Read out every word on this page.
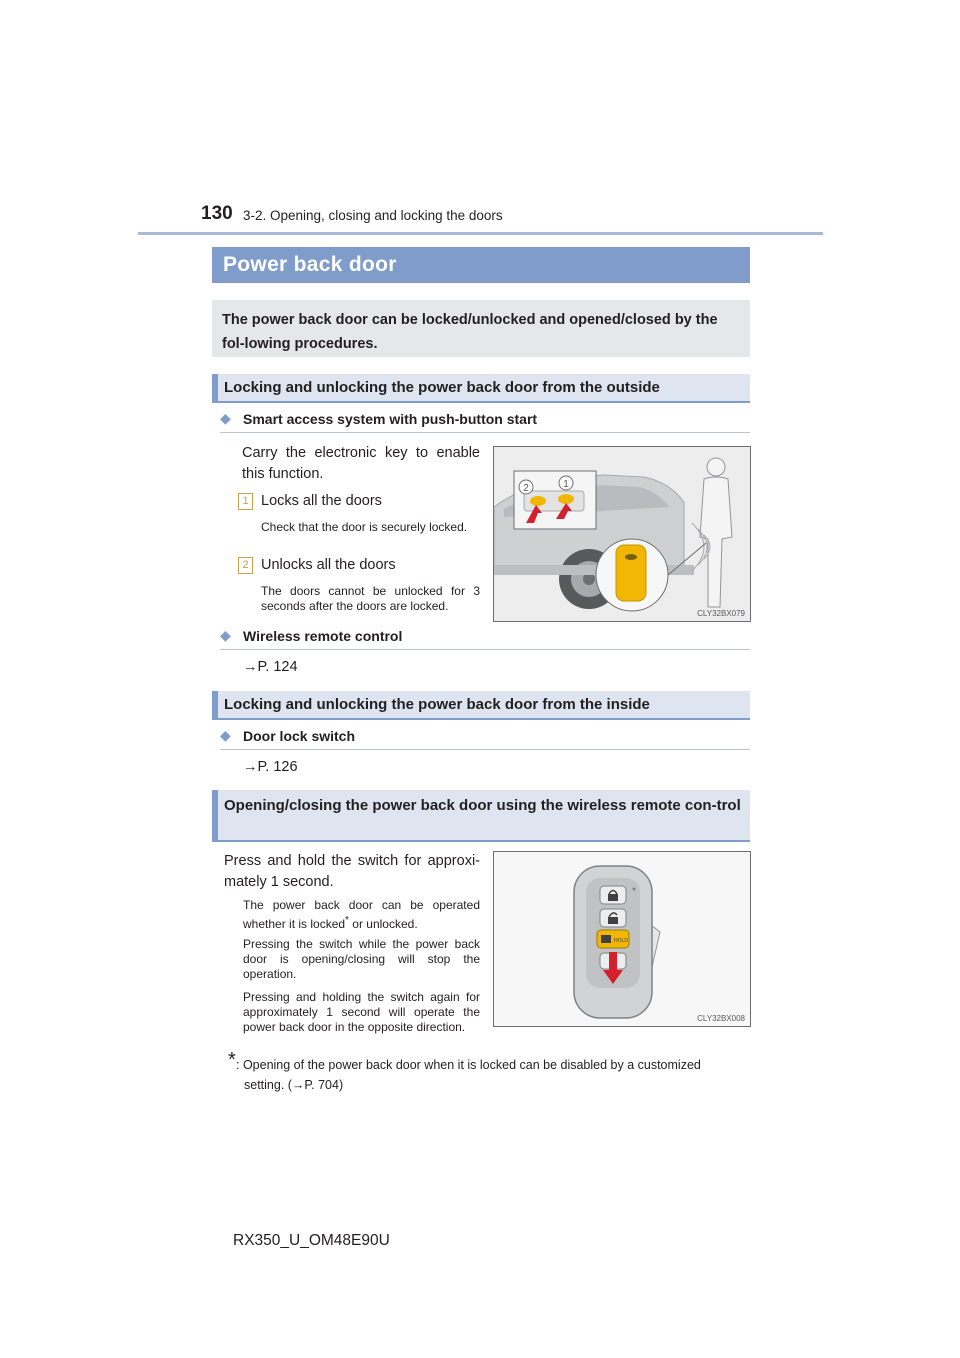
130 3-2. Opening, closing and locking the doors
Power back door

The power back door can be locked/unlocked and opened/closed by the fol-lowing procedures.

Locking and unlocking the power back door from the outside
◆ Smart access system with push-button start
Carry the electronic key to enable this function.
1 Locks all the doors
Check that the door is securely locked.
2 Unlocks all the doors
The doors cannot be unlocked for 3 seconds after the doors are locked.
2	1
CLY32BX079
◆ Wireless remote control
→P. 124
Locking and unlocking the power back door from the inside
◆ Door lock switch
→P. 126
Opening/closing the power back door using the wireless remote con-trol
Press and hold the switch for approxi-mately 1 second.
The power back door can be operated whether it is locked* or unlocked.
Pressing the switch while the power back door is opening/closing will stop the operation.
Pressing and holding the switch again for approximately 1 second will operate the power back door in the opposite direction.
HOLD
CLY32BX008
* : Opening of the power back door when it is locked can be disabled by a customized
setting. (→P. 704)
RX350_U_OM48E90U
